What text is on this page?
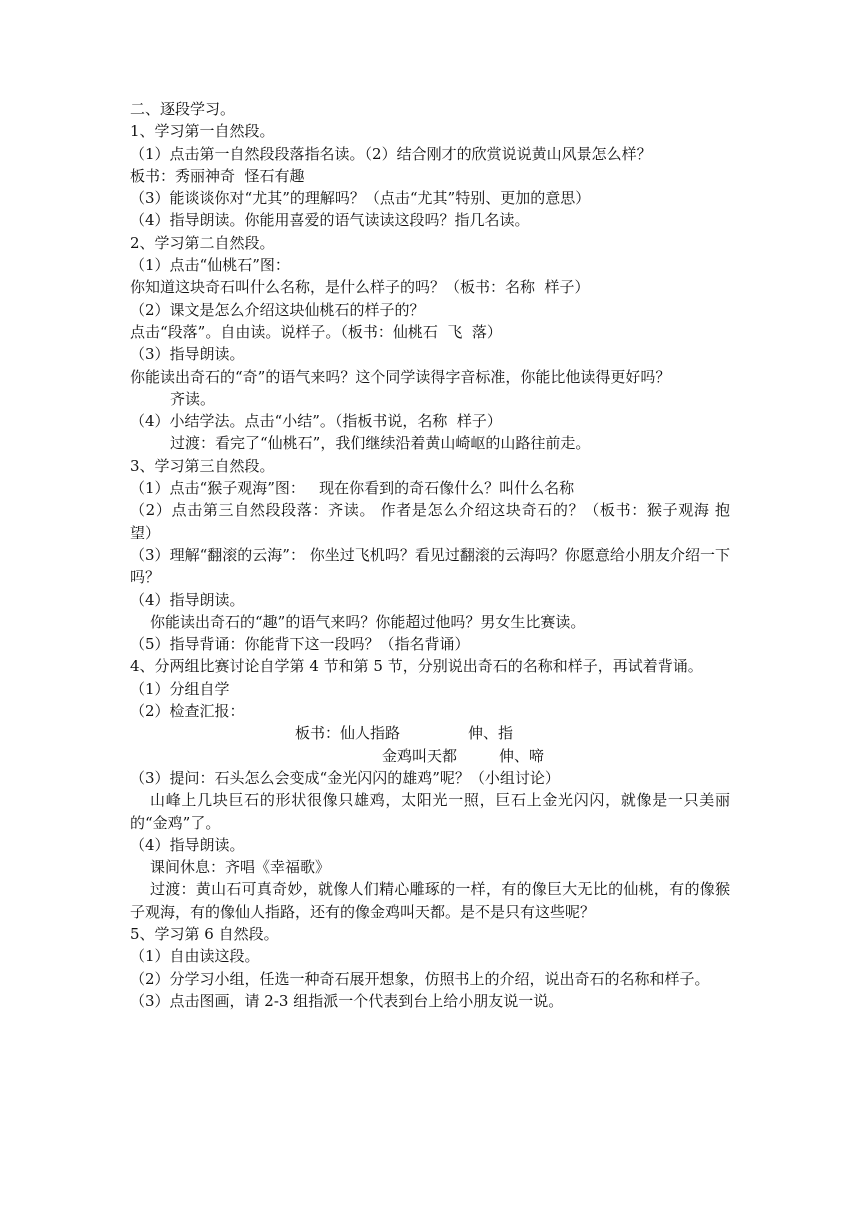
二、逐段学习。
1、学习第一自然段。
（1）点击第一自然段段落指名读。（2）结合刚才的欣赏说说黄山风景怎么样？
板书：秀丽神奇  怪石有趣
（3）能谈谈你对“尤其”的理解吗？（点击“尤其”特别、更加的意思）
（4）指导朗读。你能用喜爱的语气读读这段吗？指几名读。
2、学习第二自然段。
（1）点击“仙桃石”图：
你知道这块奇石叫什么名称，是什么样子的吗？（板书：名称  样子）
（2）课文是怎么介绍这块仙桃石的样子的？
点击“段落”。自由读。说样子。（板书：仙桃石  飞  落）
（3）指导朗读。
你能读出奇石的“奇”的语气来吗？这个同学读得字音标准，你能比他读得更好吗？
齐读。
（4）小结学法。点击“小结”。（指板书说，名称  样子）
过渡：看完了“仙桃石”，我们继续沿着黄山崎岖的山路往前走。
3、学习第三自然段。
（1）点击“猴子观海”图：   现在你看到的奇石像什么？叫什么名称
（2）点击第三自然段段落：齐读。 作者是怎么介绍这块奇石的？（板书：猴子观海 抱 望）
（3）理解“翻滚的云海”： 你坐过飞机吗？看见过翻滚的云海吗？你愿意给小朋友介绍一下吗？
（4）指导朗读。
你能读出奇石的“趣”的语气来吗？你能超过他吗？男女生比赛读。
（5）指导背诵：你能背下这一段吗？（指名背诵）
4、分两组比赛讨论自学第 4 节和第 5 节，分别说出奇石的名称和样子，再试着背诵。
（1）分组自学
（2）检查汇报：
板书：仙人指路	伸、指
金鸡叫天都	伸、啼
（3）提问：石头怎么会变成“金光闪闪的雄鸡”呢？（小组讨论）
山峰上几块巨石的形状很像只雄鸡，太阳光一照，巨石上金光闪闪，就像是一只美丽的“金鸡”了。
（4）指导朗读。
课间休息：齐唱《幸福歌》
过渡：黄山石可真奇妙，就像人们精心雕琢的一样，有的像巨大无比的仙桃，有的像猴子观海，有的像仙人指路，还有的像金鸡叫天都。是不是只有这些呢？
5、学习第 6 自然段。
（1）自由读这段。
（2）分学习小组，任选一种奇石展开想象，仿照书上的介绍，说出奇石的名称和样子。
（3）点击图画，请 2-3 组指派一个代表到台上给小朋友说一说。
